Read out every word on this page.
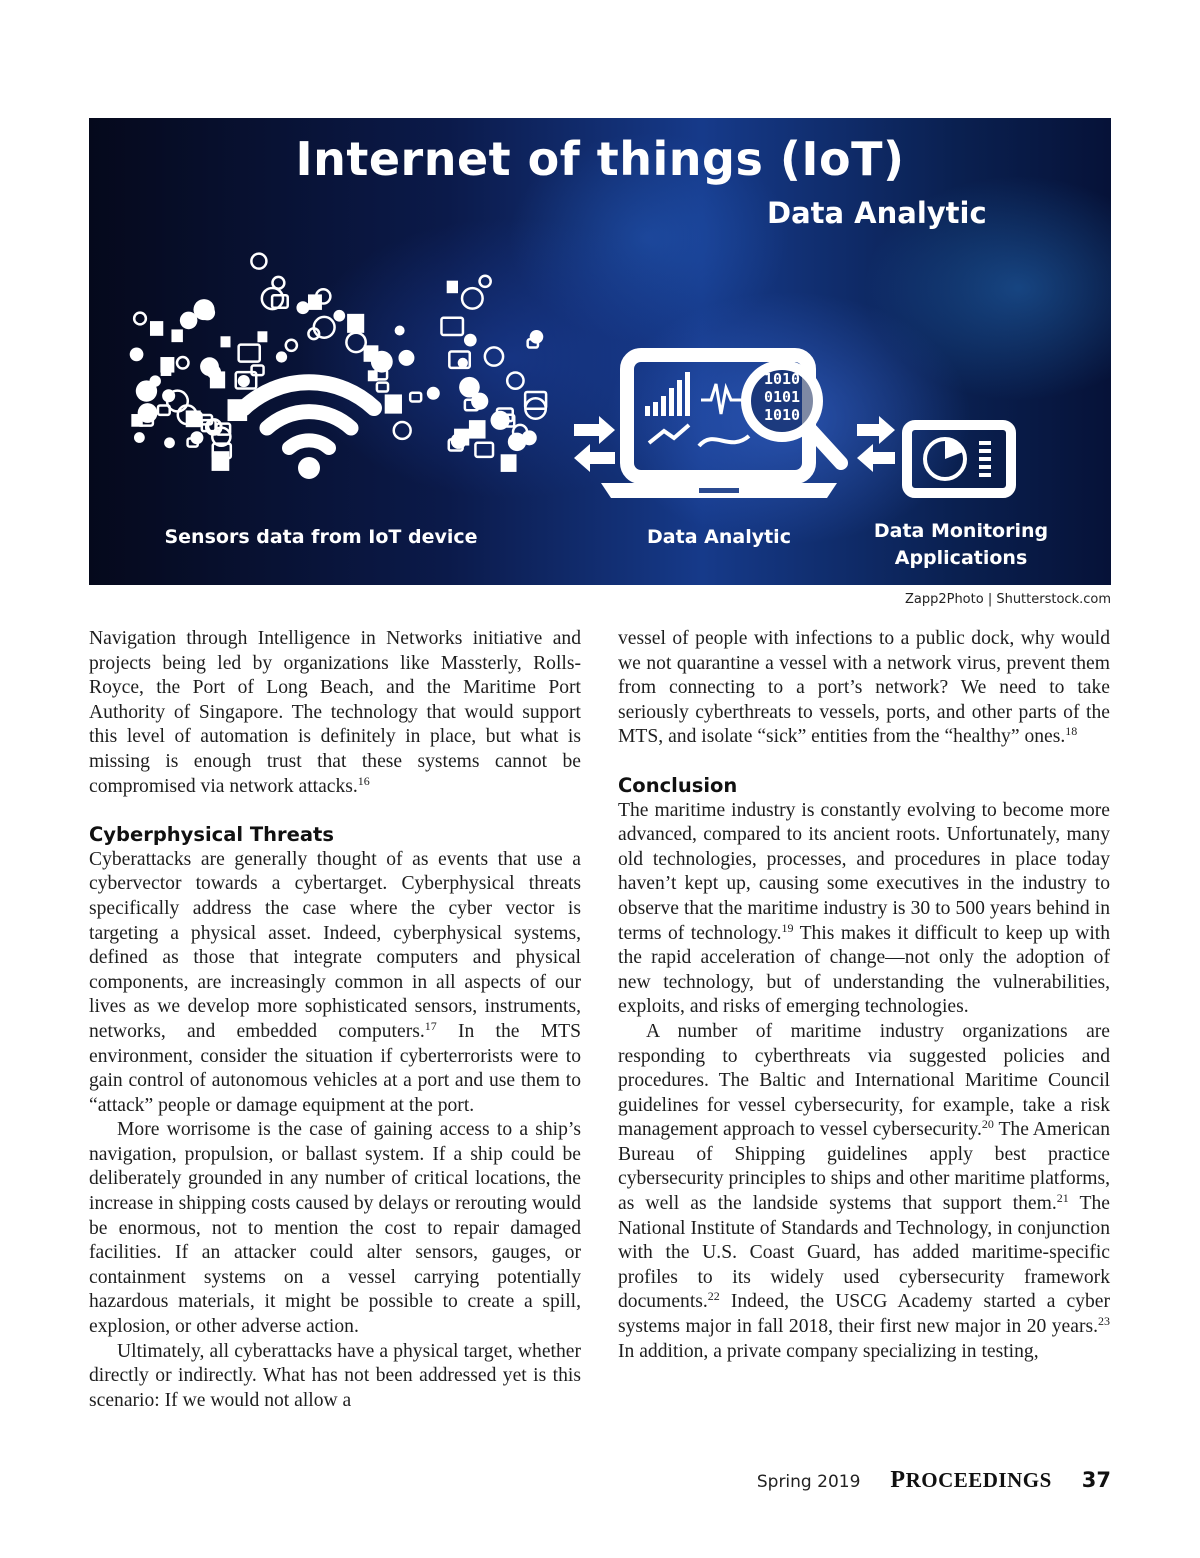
1010
0101
1010
Internet of things (IoT)
Data Analytic
Sensors data from IoT device	Data Analytic	Data Monitoring
Applications
Zapp2Photo | Shutterstock.com

Navigation through Intelligence in Networks initiative and projects being led by organizations like Massterly, Rolls-Royce, the Port of Long Beach, and the Maritime Port Authority of Singapore. The technology that would support this level of automation is definitely in place, but what is missing is enough trust that these systems cannot be compromised via network attacks.$^{16}$

Cyberphysical Threats

Cyberattacks are generally thought of as events that use a cybervector towards a cybertarget. Cyberphysical threats specifically address the case where the cyber vector is targeting a physical asset. Indeed, cyberphysical systems, defined as those that integrate computers and physical components, are increasingly common in all aspects of our lives as we develop more sophisticated sensors, instruments, networks, and embedded computers.$^{17}$ In the MTS environment, consider the situation if cyberterrorists were to gain control of autonomous vehicles at a port and use them to “attack” people or damage equipment at the port.

More worrisome is the case of gaining access to a ship’s navigation, propulsion, or ballast system. If a ship could be deliberately grounded in any number of critical locations, the increase in shipping costs caused by delays or rerouting would be enormous, not to mention the cost to repair damaged facilities. If an attacker could alter sensors, gauges, or containment systems on a vessel carrying potentially hazardous materials, it might be possible to create a spill, explosion, or other adverse action.

Ultimately, all cyberattacks have a physical target, whether directly or indirectly. What has not been addressed yet is this scenario: If we would not allow a

vessel of people with infections to a public dock, why would we not quarantine a vessel with a network virus, prevent them from connecting to a port’s network? We need to take seriously cyberthreats to vessels, ports, and other parts of the MTS, and isolate “sick” entities from the “healthy” ones.$^{18}$

Conclusion

The maritime industry is constantly evolving to become more advanced, compared to its ancient roots. Unfortunately, many old technologies, processes, and procedures in place today haven’t kept up, causing some executives in the industry to observe that the maritime industry is 30 to 500 years behind in terms of technology.$^{19}$ This makes it difficult to keep up with the rapid acceleration of change—not only the adoption of new technology, but of understanding the vulnerabilities, exploits, and risks of emerging technologies.

A number of maritime industry organizations are responding to cyberthreats via suggested policies and procedures. The Baltic and International Maritime Council guidelines for vessel cybersecurity, for example, take a risk management approach to vessel cybersecurity.$^{20}$ The American Bureau of Shipping guidelines apply best practice cybersecurity principles to ships and other maritime platforms, as well as the landside systems that support them.$^{21}$ The National Institute of Standards and Technology, in conjunction with the U.S. Coast Guard, has added maritime-specific profiles to its widely used cybersecurity framework documents.$^{22}$ Indeed, the USCG Academy started a cyber systems major in fall 2018, their first new major in 20 years.$^{23}$ In addition, a private company specializing in testing,

Spring 2019 PROCEEDINGS 37
